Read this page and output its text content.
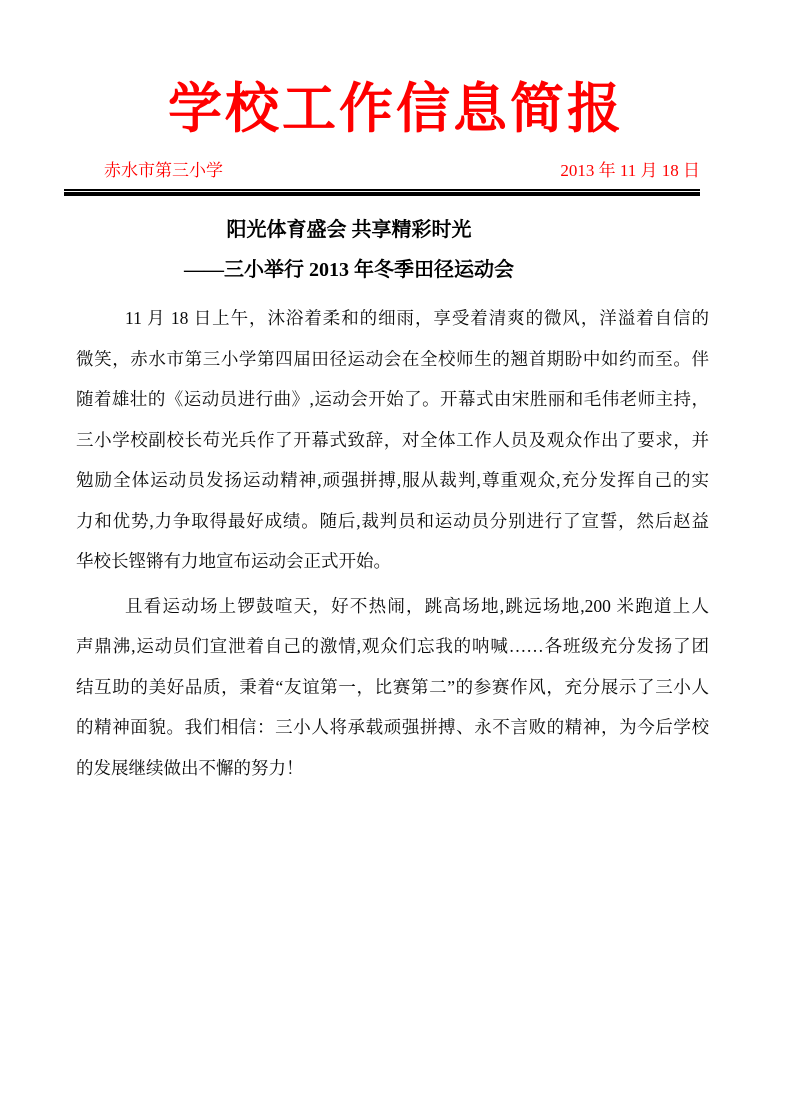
学校工作信息简报
赤水市第三小学	2013 年 11 月 18 日
阳光体育盛会 共享精彩时光
——三小举行 2013 年冬季田径运动会
11 月 18 日上午，沐浴着柔和的细雨，享受着清爽的微风，洋溢着自信的
微笑，赤水市第三小学第四届田径运动会在全校师生的翘首期盼中如约而至。伴
随着雄壮的《运动员进行曲》,运动会开始了。开幕式由宋胜丽和毛伟老师主持，
三小学校副校长苟光兵作了开幕式致辞，对全体工作人员及观众作出了要求，并
勉励全体运动员发扬运动精神,顽强拼搏,服从裁判,尊重观众,充分发挥自己的实
力和优势,力争取得最好成绩。随后,裁判员和运动员分别进行了宣誓，然后赵益
华校长铿锵有力地宣布运动会正式开始。
且看运动场上锣鼓喧天，好不热闹，跳高场地,跳远场地,200 米跑道上人
声鼎沸,运动员们宣泄着自己的激情,观众们忘我的呐喊……各班级充分发扬了团
结互助的美好品质，秉着“友谊第一，比赛第二”的参赛作风，充分展示了三小人
的精神面貌。我们相信：三小人将承载顽强拼搏、永不言败的精神，为今后学校
的发展继续做出不懈的努力！
